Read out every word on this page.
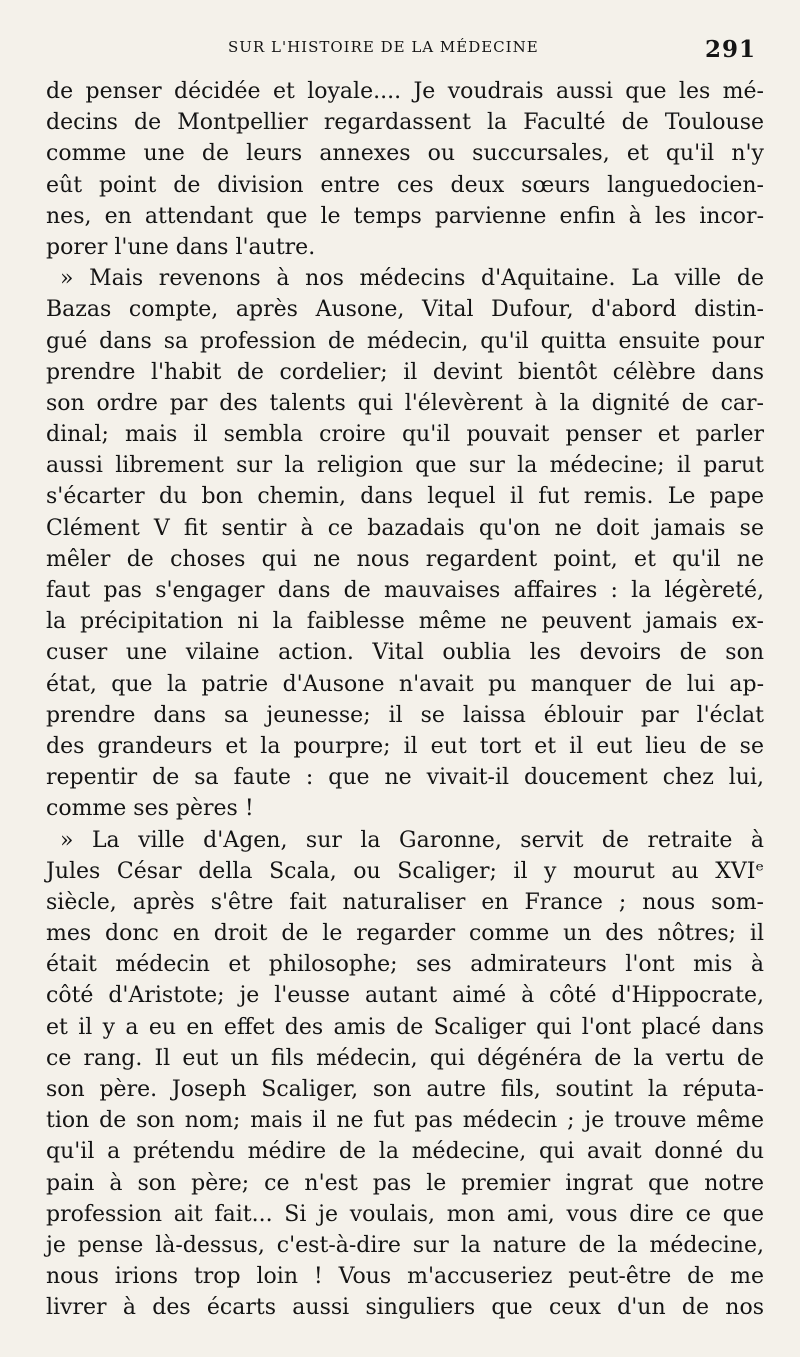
SUR L'HISTOIRE DE LA MÉDECINE	291
de penser décidée et loyale.... Je voudrais aussi que les mé-
decins de Montpellier regardassent la Faculté de Toulouse
comme une de leurs annexes ou succursales, et qu'il n'y
eût point de division entre ces deux sœurs languedocien-
nes, en attendant que le temps parvienne enfin à les incor-
porer l'une dans l'autre.
» Mais revenons à nos médecins d'Aquitaine. La ville de
Bazas compte, après Ausone, Vital Dufour, d'abord distin-
gué dans sa profession de médecin, qu'il quitta ensuite pour
prendre l'habit de cordelier; il devint bientôt célèbre dans
son ordre par des talents qui l'élevèrent à la dignité de car-
dinal; mais il sembla croire qu'il pouvait penser et parler
aussi librement sur la religion que sur la médecine; il parut
s'écarter du bon chemin, dans lequel il fut remis. Le pape
Clément V fit sentir à ce bazadais qu'on ne doit jamais se
mêler de choses qui ne nous regardent point, et qu'il ne
faut pas s'engager dans de mauvaises affaires : la légèreté,
la précipitation ni la faiblesse même ne peuvent jamais ex-
cuser une vilaine action. Vital oublia les devoirs de son
état, que la patrie d'Ausone n'avait pu manquer de lui ap-
prendre dans sa jeunesse; il se laissa éblouir par l'éclat
des grandeurs et la pourpre; il eut tort et il eut lieu de se
repentir de sa faute : que ne vivait-il doucement chez lui,
comme ses pères !
» La ville d'Agen, sur la Garonne, servit de retraite à
Jules César della Scala, ou Scaliger; il y mourut au XVIᵉ
siècle, après s'être fait naturaliser en France ; nous som-
mes donc en droit de le regarder comme un des nôtres; il
était médecin et philosophe; ses admirateurs l'ont mis à
côté d'Aristote; je l'eusse autant aimé à côté d'Hippocrate,
et il y a eu en effet des amis de Scaliger qui l'ont placé dans
ce rang. Il eut un fils médecin, qui dégénéra de la vertu de
son père. Joseph Scaliger, son autre fils, soutint la réputa-
tion de son nom; mais il ne fut pas médecin ; je trouve même
qu'il a prétendu médire de la médecine, qui avait donné du
pain à son père; ce n'est pas le premier ingrat que notre
profession ait fait... Si je voulais, mon ami, vous dire ce que
je pense là-dessus, c'est-à-dire sur la nature de la médecine,
nous irions trop loin ! Vous m'accuseriez peut-être de me
livrer à des écarts aussi singuliers que ceux d'un de nos
